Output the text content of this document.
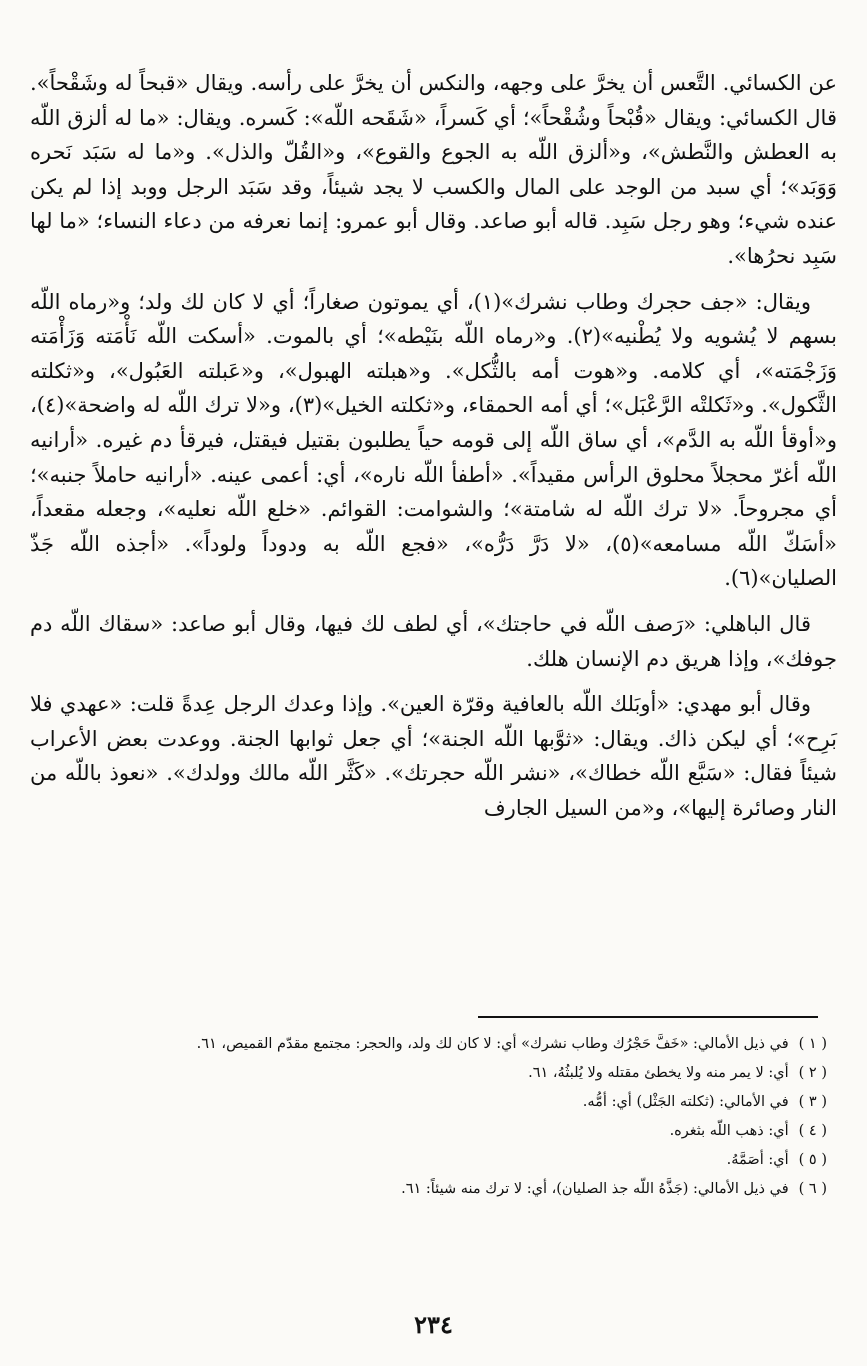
عن الكسائي. التَّعس أن يخرَّ على وجهه، والنكس أن يخرَّ على رأسه. ويقال «قبحاً له وشَقْحاً». قال الكسائي: ويقال «قُبْحاً وشُقْحاً»؛ أي كَسراً، «شَقَحه اللّه»: كَسره. ويقال: «ما له ألزق اللّه به العطش والنَّطش»، و«ألزق اللّه به الجوع والقوع»، و«القُلّ والذل». و«ما له سَبَد نَحره وَوَبَد»؛ أي سبد من الوجد على المال والكسب لا يجد شيئاً، وقد سَبَد الرجل ووبد إذا لم يكن عنده شيء؛ وهو رجل سَبِد. قاله أبو صاعد. وقال أبو عمرو: إنما نعرفه من دعاء النساء؛ «ما لها سَبِد نحرُها».

ويقال: «جف حجرك وطاب نشرك»(١)، أي يموتون صغاراً؛ أي لا كان لك ولد؛ و«رماه اللّه بسهم لا يُشويه ولا يُطْنيه»(٢). و«رماه اللّه بنَيْطه»؛ أي بالموت. «أسكت اللّه نَأْمَته وَزَأْمَته وَزَجْمَته»، أي كلامه. و«هوت أمه بالثُّكل». و«هبلته الهبول»، و«عَبلته العَبُول»، و«ثكلته الثَّكول». و«ثَكلتْه الرَّعْبَل»؛ أي أمه الحمقاء، و«ثكلته الخيل»(٣)، و«لا ترك اللّه له واضحة»(٤)، و«أوقأ اللّه به الدَّم»، أي ساق اللّه إلى قومه حياً يطلبون بقتيل فيقتل، فيرقأ دم غيره. «أرانيه اللّه أغرّ محجلاً محلوق الرأس مقيداً». «أطفأ اللّه ناره»، أي: أعمى عينه. «أرانيه حاملاً جنبه»؛ أي مجروحاً. «لا ترك اللّه له شامتة»؛ والشوامت: القوائم. «خلع اللّه نعليه»، وجعله مقعداً، «أسَكّ اللّه مسامعه»(٥)، «لا دَرَّ دَرُّه»، «فجع اللّه به ودوداً ولوداً». «أجذه اللّه جَذّ الصليان»(٦).

قال الباهلي: «رَصف اللّه في حاجتك»، أي لطف لك فيها، وقال أبو صاعد: «سقاك اللّه دم جوفك»، وإذا هريق دم الإنسان هلك.

وقال أبو مهدي: «أوبَلك اللّه بالعافية وقرّة العين». وإذا وعدك الرجل عِدةً قلت: «عهدي فلا بَرِح»؛ أي ليكن ذاك. ويقال: «ثوَّبها اللّه الجنة»؛ أي جعل ثوابها الجنة. ووعدت بعض الأعراب شيئاً فقال: «سَبَّع اللّه خطاك»، «نشر اللّه حجرتك». «كَثَّر اللّه مالك وولدك». «نعوذ باللّه من النار وصائرة إليها»، و«من السيل الجارف

( ١ )
في ذيل الأمالي: «خَفَّ حَجْرُك وطاب نشرك» أي: لا كان لك ولد، والحجر: مجتمع مقدّم القميص، ٦١.
( ٢ )
أي: لا يمر منه ولا يخطئ مقتله ولا يُلبثُهُ، ٦١.
( ٣ )
في الأمالي: (ثكلته الجَثْل) أي: أمُّه.
( ٤ )
أي: ذهب اللّه بثغره.
( ٥ )
أي: أصَمَّهُ.
( ٦ )
في ذيل الأمالي: (جَذَّهُ اللّه جذ الصليان)، أي: لا ترك منه شيئاً: ٦١.
٢٣٤
